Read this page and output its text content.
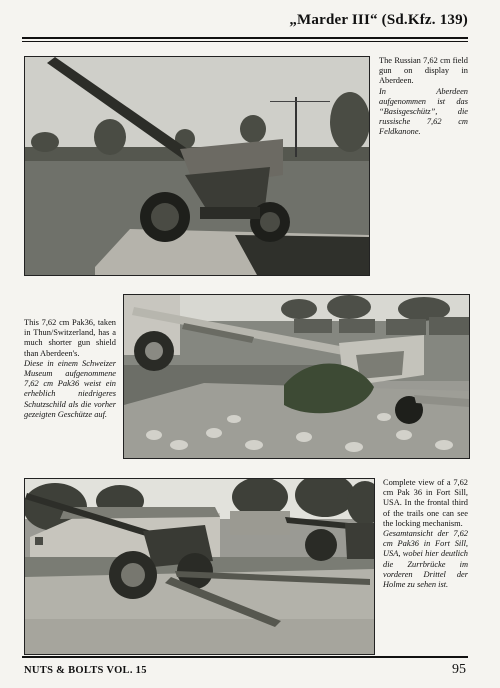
„Marder III“ (Sd.Kfz. 139)

The Russian 7,62 cm field gun on display in Aberdeen.

In Aberdeen aufgenommen ist das “Basisgeschütz”, die russische 7,62 cm Feldkanone.

This 7,62 cm Pak36, taken in Thun/Switzerland, has a much shorter gun shield than Aberdeen's.

Diese in einem Schweizer Museum aufgenommene 7,62 cm Pak36 weist ein erheblich niedrigeres Schutzschild als die vorher gezeigten Geschütze auf.

Complete view of a 7,62 cm Pak 36 in Fort Sill, USA. In the frontal third of the trails one can see the locking mechanism.

Gesamtansicht der 7,62 cm Pak36 in Fort Sill, USA, wobei hier deutlich die Zurrbrücke im vorderen Drittel der Holme zu sehen ist.

NUTS & BOLTS VOL. 15	95
